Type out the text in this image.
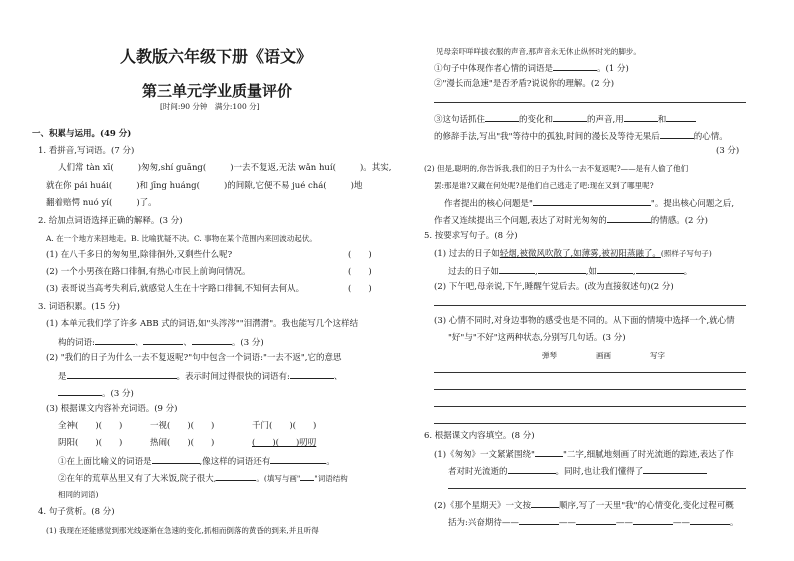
人教版六年级下册《语文》
第三单元学业质量评价
[时间:90 分钟　满分:100 分]
一、积累与运用。(49 分)
1. 看拼音,写词语。(7 分)
人们常 tàn xī(	)匆匆,shí guāng(	)一去不复返,无法 wǎn huí(	)。其实,
就在你 pái huái(	)和 jīng huáng(	)的间隙,它便不易 jué chá(	)地
翻着赔愕 nuó yí(	)了。
2. 给加点词语选择正确的解释。(3 分)
A. 在一个地方来回地走。B. 比喻犹疑不决。C. 事物在某个范围内来回波动起伏。
(1) 在八千多日的匆匆里,除徘徊外,又剩些什么呢?	(　　)
(2) 一个小男孩在路口徘徊,有热心市民上前询问情况。	(　　)
(3) 表哥说当高考失利后,就感觉人生在十字路口徘徊,不知何去何从。	(　　)
3. 词语积累。(15 分)
(1) 本单元我们学了许多 ABB 式的词语,如"头涔涔""泪潸潸"。我也能写几个这样结
构的词语:	、	、	。(3 分)
(2) "我们的日子为什么一去不复返呢?"句中包含一个词语:"一去不返",它的意思
是	。表示时间过得很快的词语有:	、
。(3 分)
(3) 根据课文内容补充词语。(9 分)
全神(　　)(　　)	一视(　　)(　　)	千门(　　)(　　)
阴阳(　　)(　　)	热闹(　　)(　　)	(　　)(　　)叨叨
①在上面比喻义的词语是	,像这样的词语还有	。
②在年的荒草丛里又有了大米饭,院子很大,	。(填写与画" "词语结构
相同的词语)
4. 句子赏析。(8 分)
(1) 我现在还能感觉到那光线逐渐在急速的变化,抓相而倒落的黄昏的到来,并且听得
见母亲吓咩咩拔衣服的声音,那声音永无休止纵怀时光的脚步。
①句子中体现作者心情的词语是	。(1 分)
②"漫长而急速"是否矛盾?说说你的理解。(2 分)
③这句话抓住	的变化和	的声音,用	和
的修辞手法,写出"我"等待中的孤独,时间的漫长及等待无果后	的心情。
(3 分)
(2) 但是,聪明的,你告诉我,我们的日子为什么一去不复返呢?——是有人偷了他们
罢:那是谁?又藏在何处呢?是他们自己逃走了吧:现在又到了哪里呢?
作者提出的核心问题是"	"。提出核心问题之后,
作者又连续提出三个问题,表达了对时光匆匆的	的情感。(2 分)
5. 按要求写句子。(8 分)
(1) 过去的日子如轻烟,被微风吹散了,如薄雾,被初阳蒸融了。(照样子写句子)
过去的日子如	,	,如	,	。
(2) 下午吧,母亲说,下午,睡醒午觉后去。(改为直接叙述句)(2 分)
(3) 心情不同时,对身边事物的感受也是不同的。从下面的情境中选择一个,就心情
"好"与"不好"这两种状态,分别写几句话。(3 分)
弹琴	画画	写字
6. 根据课文内容填空。(8 分)
(1)《匆匆》一文紧紧围绕"	"二字,细腻地刻画了时光流逝的踪迹,表达了作
者对时光流逝的	。同时,也让我们懂得了
(2)《那个星期天》一文按	顺序,写了一天里"我"的心情变化,变化过程可概
括为:兴奋期待——	——	——	——	。
